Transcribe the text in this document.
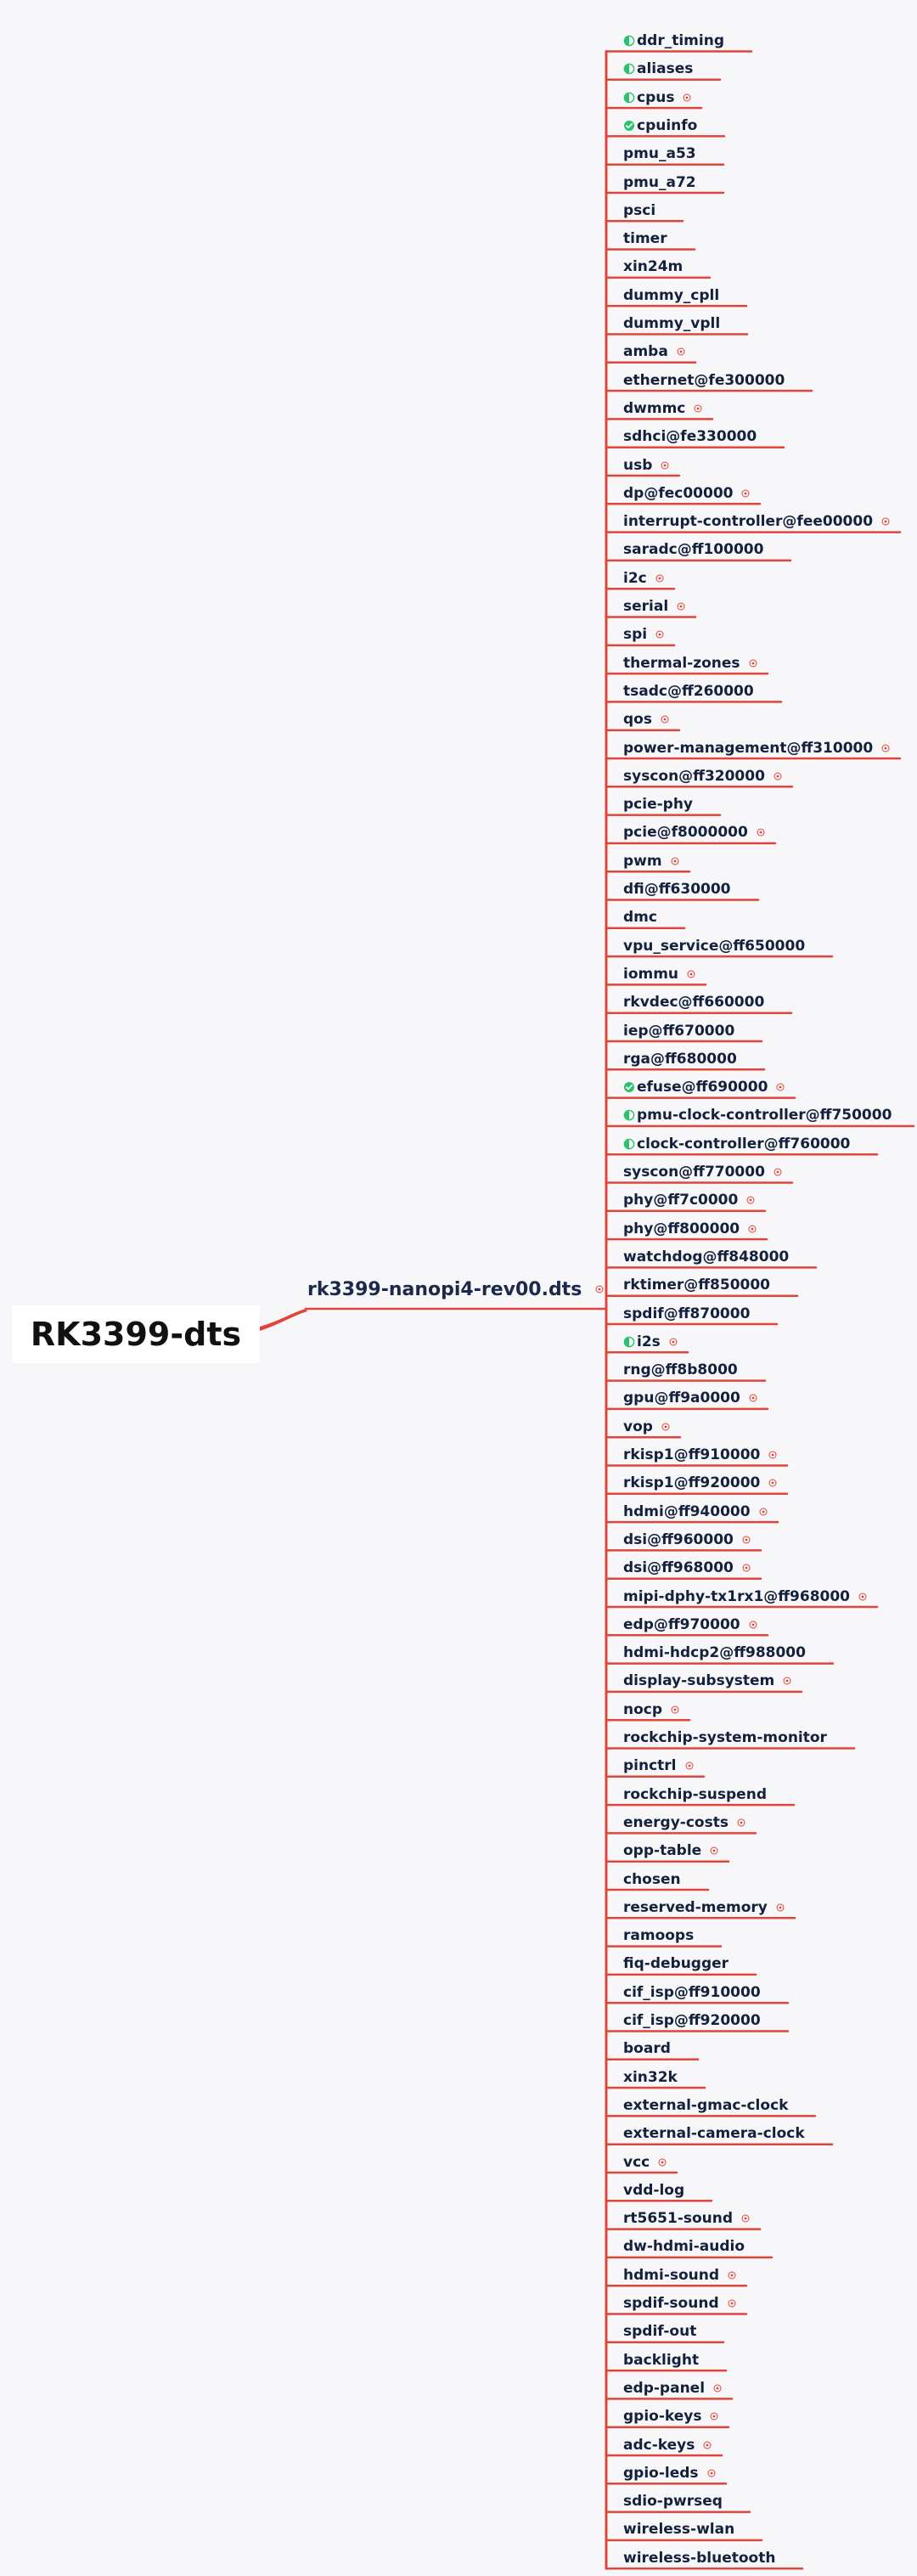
RK3399-dts
rk3399-nanopi4-rev00.dts
ddr_timing
aliases
cpus
cpuinfo
pmu_a53
pmu_a72
psci
timer
xin24m
dummy_cpll
dummy_vpll
amba
ethernet@fe300000
dwmmc
sdhci@fe330000
usb
dp@fec00000
interrupt-controller@fee00000
saradc@ff100000
i2c
serial
spi
thermal-zones
tsadc@ff260000
qos
power-management@ff310000
syscon@ff320000
pcie-phy
pcie@f8000000
pwm
dfi@ff630000
dmc
vpu_service@ff650000
iommu
rkvdec@ff660000
iep@ff670000
rga@ff680000
efuse@ff690000
pmu-clock-controller@ff750000
clock-controller@ff760000
syscon@ff770000
phy@ff7c0000
phy@ff800000
watchdog@ff848000
rktimer@ff850000
spdif@ff870000
i2s
rng@ff8b8000
gpu@ff9a0000
vop
rkisp1@ff910000
rkisp1@ff920000
hdmi@ff940000
dsi@ff960000
dsi@ff968000
mipi-dphy-tx1rx1@ff968000
edp@ff970000
hdmi-hdcp2@ff988000
display-subsystem
nocp
rockchip-system-monitor
pinctrl
rockchip-suspend
energy-costs
opp-table
chosen
reserved-memory
ramoops
fiq-debugger
cif_isp@ff910000
cif_isp@ff920000
board
xin32k
external-gmac-clock
external-camera-clock
vcc
vdd-log
rt5651-sound
dw-hdmi-audio
hdmi-sound
spdif-sound
spdif-out
backlight
edp-panel
gpio-keys
adc-keys
gpio-leds
sdio-pwrseq
wireless-wlan
wireless-bluetooth
